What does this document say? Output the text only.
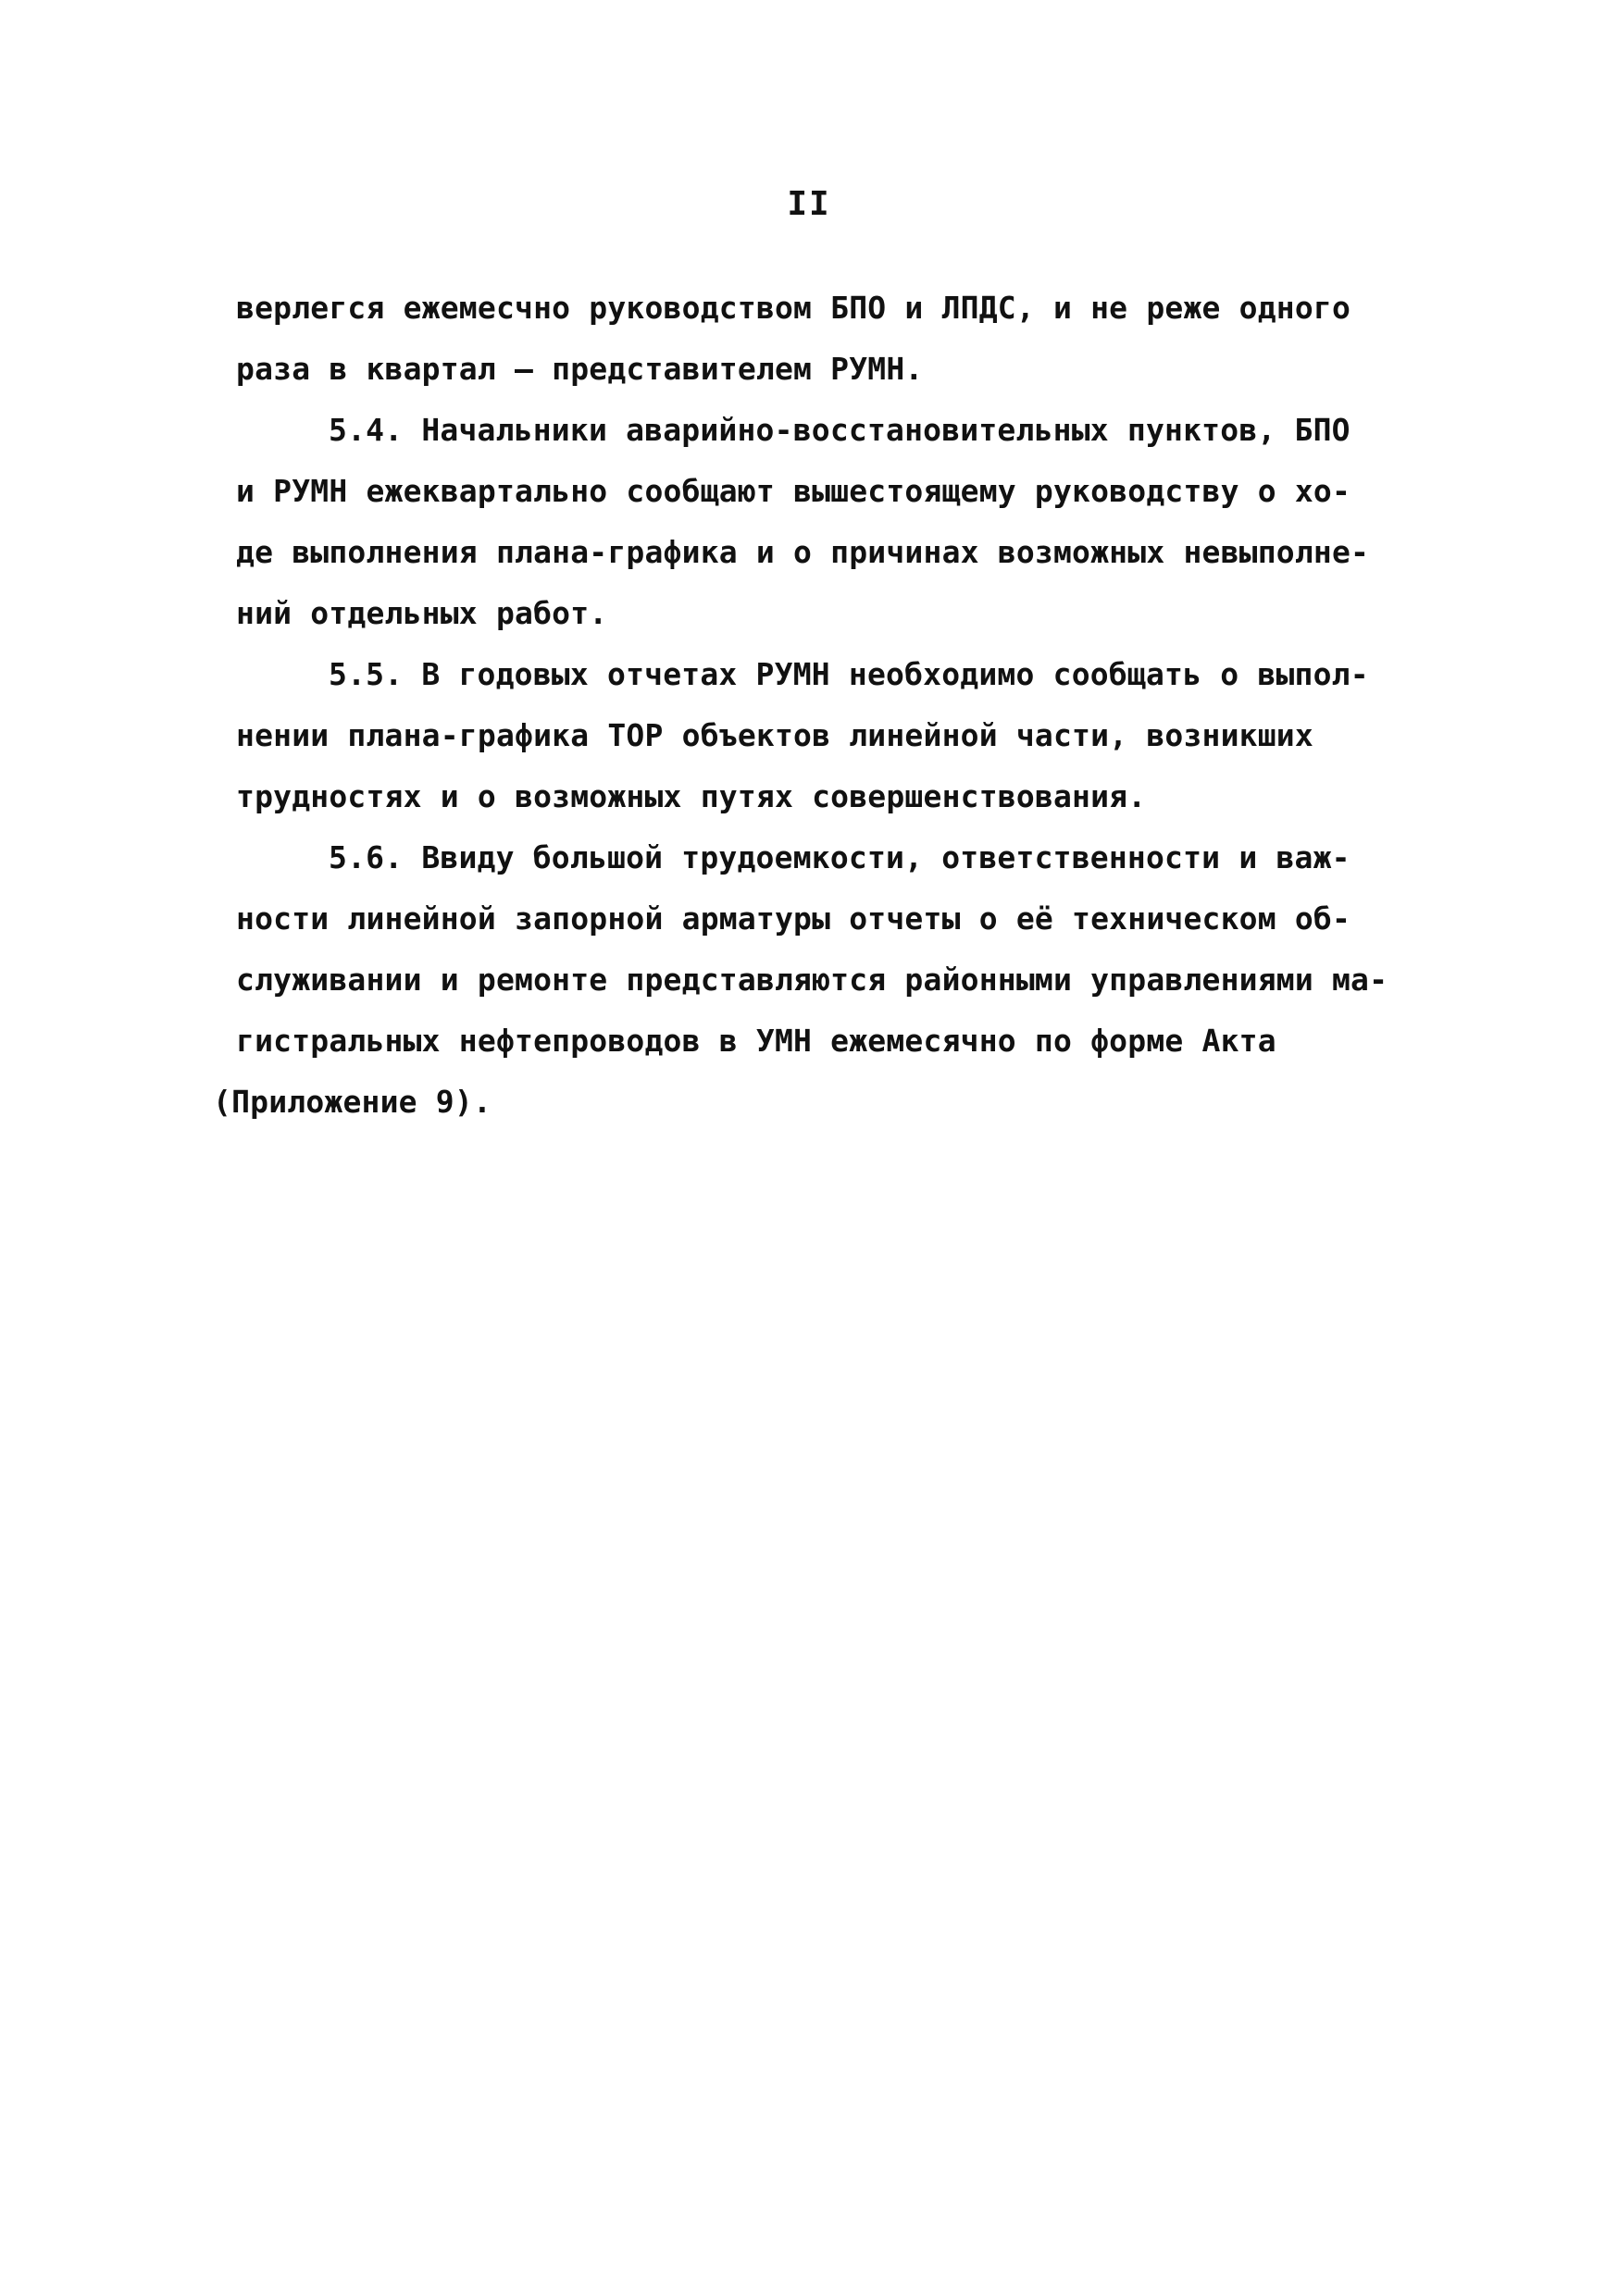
II
верлегся ежемесчно руководством БПО и ЛПДС, и не реже одного
раза в квартал – представителем РУМН.
5.4. Начальники аварийно-восстановительных пунктов, БПО
и РУМН ежеквартально сообщают вышестоящему руководству о хо-
де выполнения плана-графика и о причинах возможных невыполне-
ний отдельных работ.
5.5. В годовых отчетах РУМН необходимо сообщать о выпол-
нении плана-графика ТОР объектов линейной части, возникших
трудностях и о возможных путях совершенствования.
5.6. Ввиду большой трудоемкости, ответственности и важ-
ности линейной запорной арматуры отчеты о её техническом об-
служивании и ремонте представляются районными управлениями ма-
гистральных нефтепроводов в УМН ежемесячно по форме Акта
(Приложение 9).
